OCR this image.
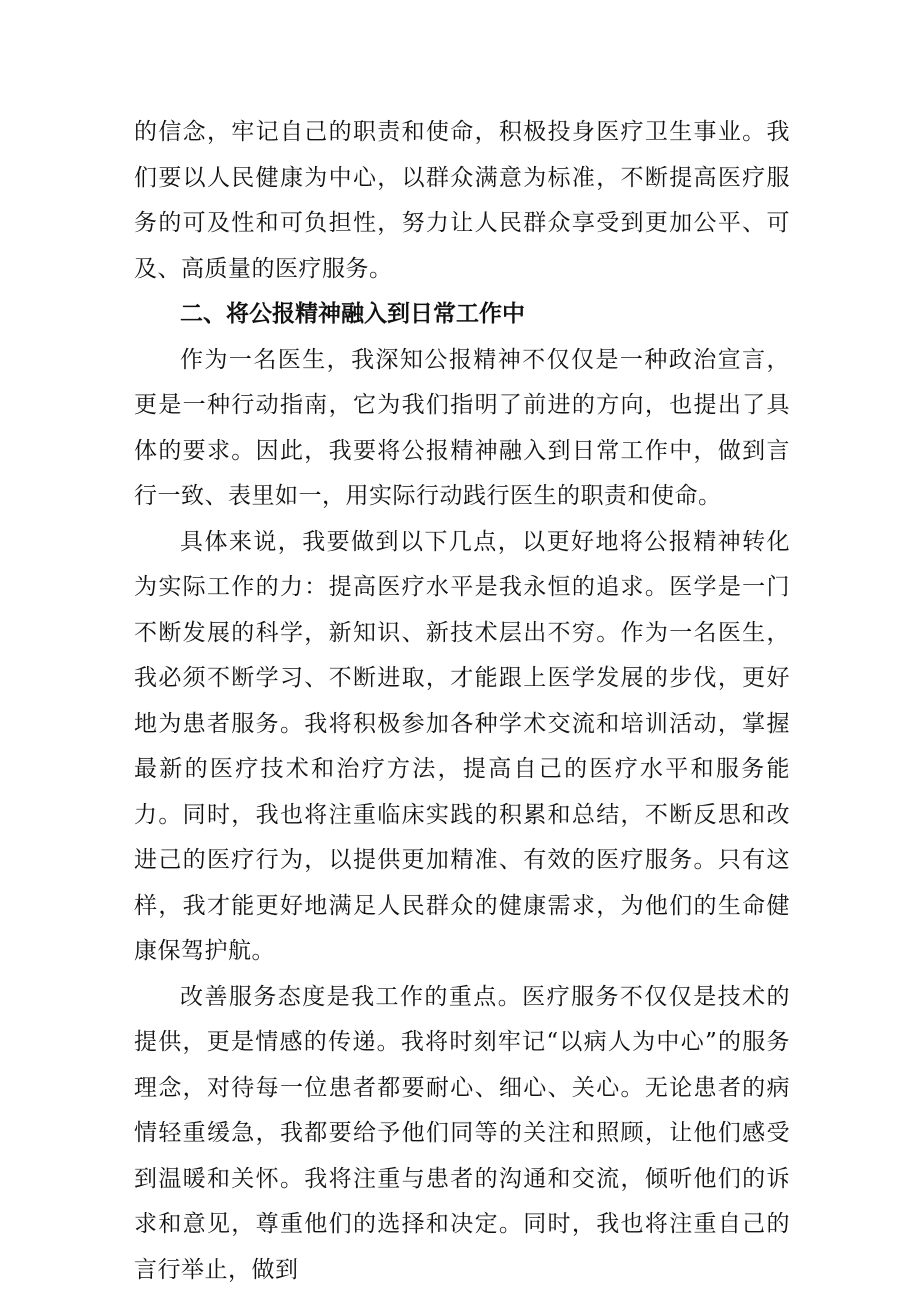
的信念，牢记自己的职责和使命，积极投身医疗卫生事业。我们要以人民健康为中心，以群众满意为标准，不断提高医疗服务的可及性和可负担性，努力让人民群众享受到更加公平、可及、高质量的医疗服务。

二、将公报精神融入到日常工作中

作为一名医生，我深知公报精神不仅仅是一种政治宣言，更是一种行动指南，它为我们指明了前进的方向，也提出了具体的要求。因此，我要将公报精神融入到日常工作中，做到言行一致、表里如一，用实际行动践行医生的职责和使命。

具体来说，我要做到以下几点，以更好地将公报精神转化为实际工作的力：提高医疗水平是我永恒的追求。医学是一门不断发展的科学，新知识、新技术层出不穷。作为一名医生，我必须不断学习、不断进取，才能跟上医学发展的步伐，更好地为患者服务。我将积极参加各种学术交流和培训活动，掌握最新的医疗技术和治疗方法，提高自己的医疗水平和服务能力。同时，我也将注重临床实践的积累和总结，不断反思和改进己的医疗行为，以提供更加精准、有效的医疗服务。只有这样，我才能更好地满足人民群众的健康需求，为他们的生命健康保驾护航。

改善服务态度是我工作的重点。医疗服务不仅仅是技术的提供，更是情感的传递。我将时刻牢记“以病人为中心”的服务理念，对待每一位患者都要耐心、细心、关心。无论患者的病情轻重缓急，我都要给予他们同等的关注和照顾，让他们感受到温暖和关怀。我将注重与患者的沟通和交流，倾听他们的诉求和意见，尊重他们的选择和决定。同时，我也将注重自己的言行举止，做到
